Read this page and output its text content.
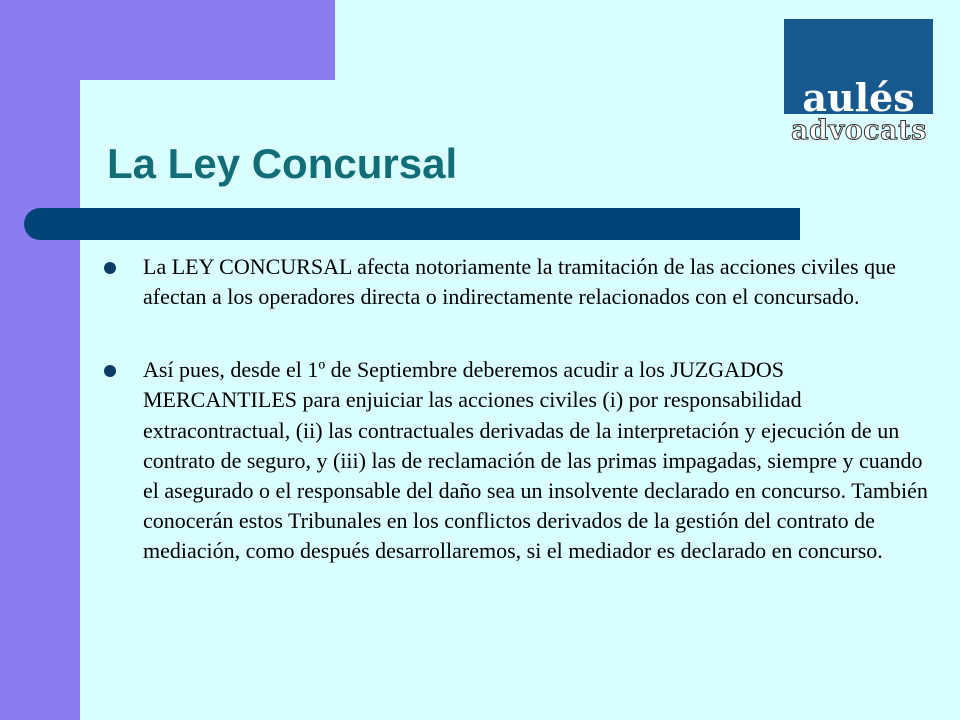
aulés

advocats

La Ley Concursal

La LEY CONCURSAL afecta notoriamente la tramitación de las acciones civiles que afectan a los operadores directa o indirectamente relacionados con el concursado.

Así pues, desde el 1º de Septiembre deberemos acudir a los JUZGADOS MERCANTILES para enjuiciar las acciones civiles (i) por responsabilidad extracontractual, (ii) las contractuales derivadas de la interpretación y ejecución de un contrato de seguro, y (iii) las de reclamación de las primas impagadas, siempre y cuando el asegurado o el responsable del daño sea un insolvente declarado en concurso. También conocerán estos Tribunales en los conflictos derivados de la gestión del contrato de mediación, como después desarrollaremos, si el mediador es declarado en concurso.
